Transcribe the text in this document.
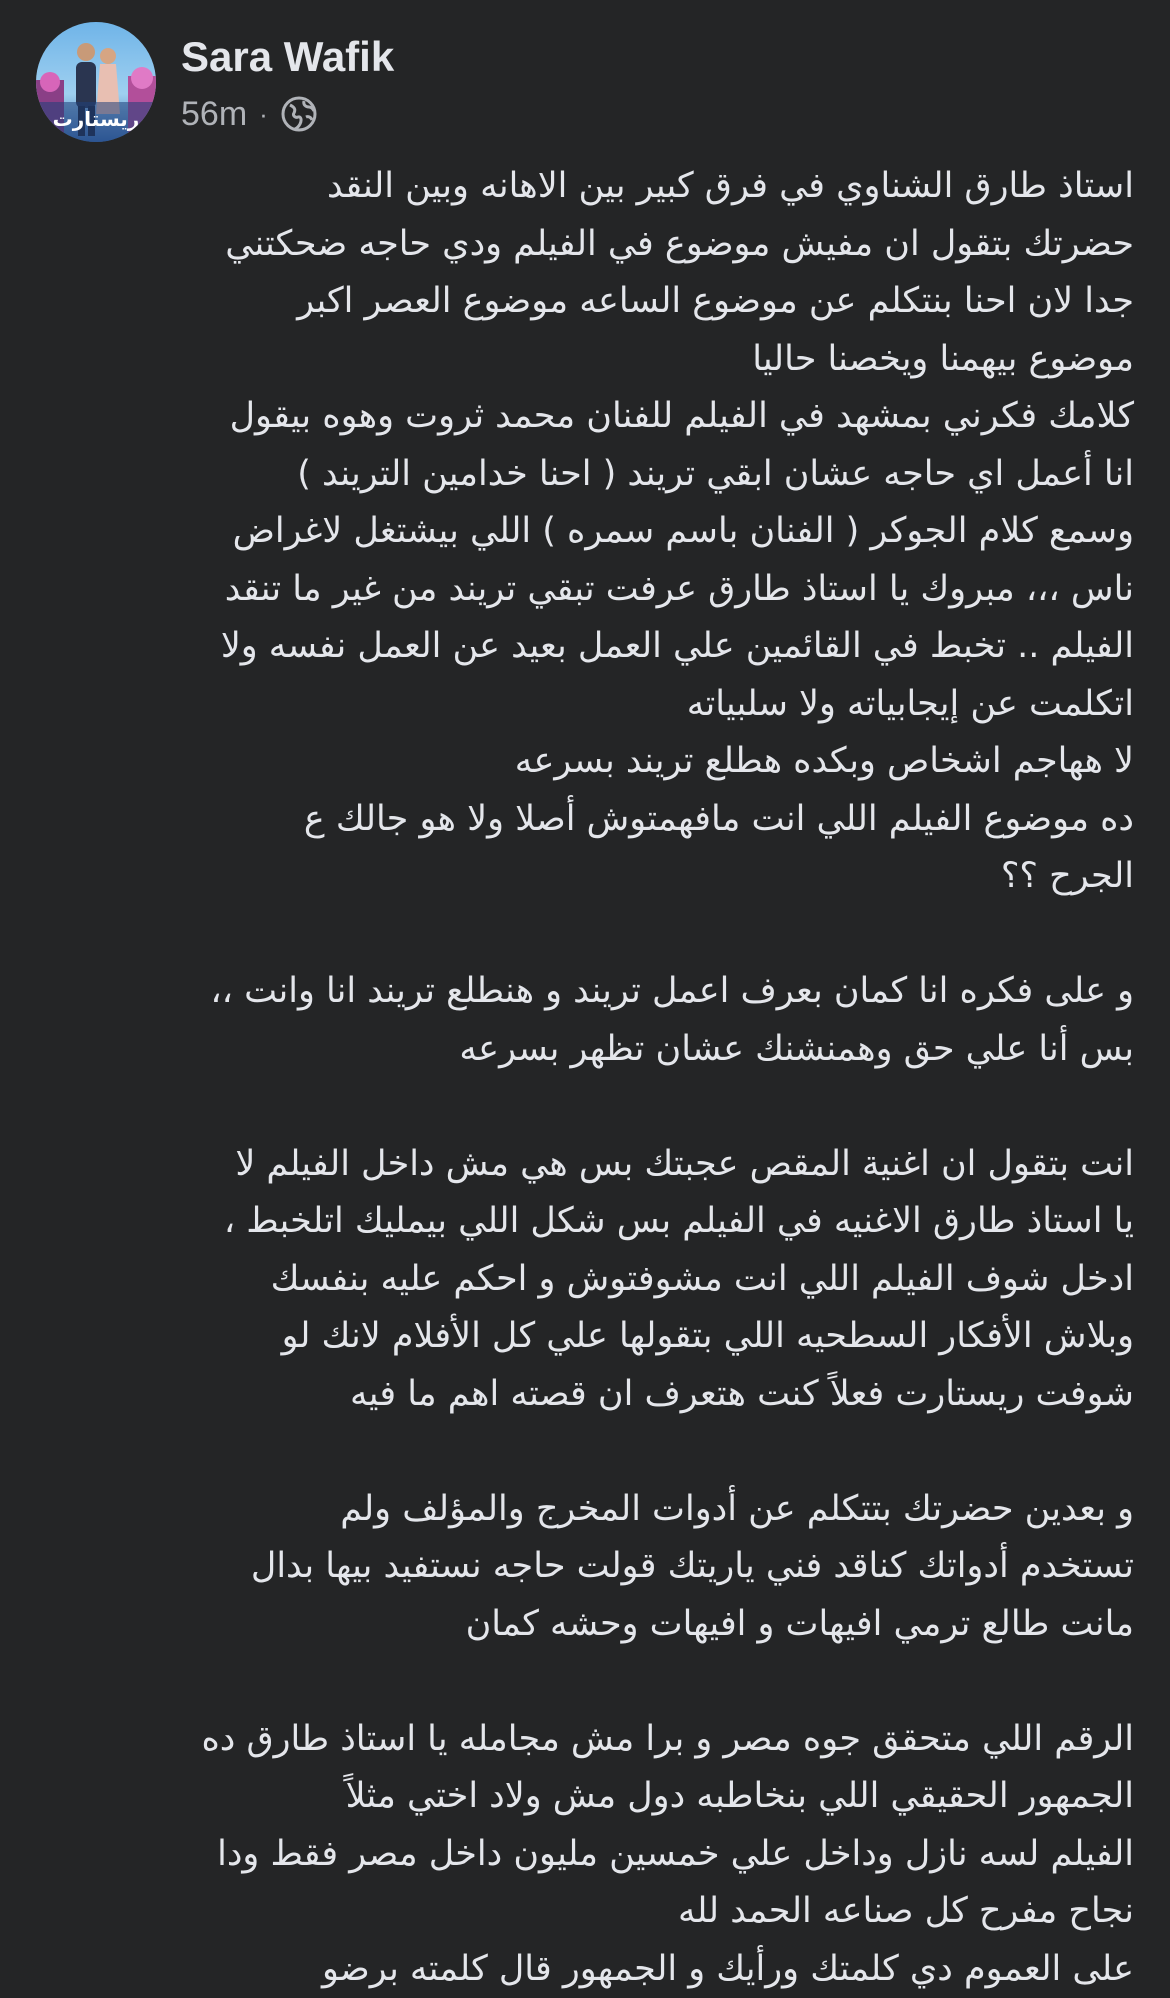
ريستارت
Sara Wafik
56m ·
استاذ طارق الشناوي في فرق كبير بين الاهانه وبين النقد
حضرتك بتقول ان مفيش موضوع في الفيلم ودي حاجه ضحكتني
جدا لان احنا بنتكلم عن موضوع الساعه موضوع العصر اكبر
موضوع بيهمنا ويخصنا حاليا
كلامك فكرني بمشهد في الفيلم للفنان محمد ثروت وهوه بيقول
انا أعمل اي حاجه عشان ابقي تريند ( احنا خدامين التريند )
وسمع كلام الجوكر ( الفنان باسم سمره ) اللي بيشتغل لاغراض
ناس ،،، مبروك يا استاذ طارق عرفت تبقي تريند من غير ما تنقد
الفيلم .. تخبط في القائمين علي العمل بعيد عن العمل نفسه ولا
اتكلمت عن إيجابياته ولا سلبياته
لا ههاجم اشخاص وبكده هطلع تريند بسرعه
ده موضوع الفيلم اللي انت مافهمتوش أصلا ولا هو جالك ع
الجرح ؟؟
و على فكره انا كمان بعرف اعمل تريند و هنطلع تريند انا وانت ،،
بس أنا علي حق وهمنشنك عشان تظهر بسرعه
انت بتقول ان اغنية المقص عجبتك بس هي مش داخل الفيلم لا
يا استاذ طارق الاغنيه في الفيلم بس شكل اللي بيمليك اتلخبط ،
ادخل شوف الفيلم اللي انت مشوفتوش و احكم عليه بنفسك
وبلاش الأفكار السطحيه اللي بتقولها علي كل الأفلام لانك لو
شوفت ريستارت فعلاً كنت هتعرف ان قصته اهم ما فيه
و بعدين حضرتك بتتكلم عن أدوات المخرج والمؤلف ولم
تستخدم أدواتك كناقد فني ياريتك قولت حاجه نستفيد بيها بدال
مانت طالع ترمي افيهات و افيهات وحشه كمان
الرقم اللي متحقق جوه مصر و برا مش مجامله يا استاذ طارق ده
الجمهور الحقيقي اللي بنخاطبه دول مش ولاد اختي مثلاً
الفيلم لسه نازل وداخل علي خمسين مليون داخل مصر فقط ودا
نجاح مفرح كل صناعه الحمد لله
على العموم دي كلمتك ورأيك و الجمهور قال كلمته برضو
